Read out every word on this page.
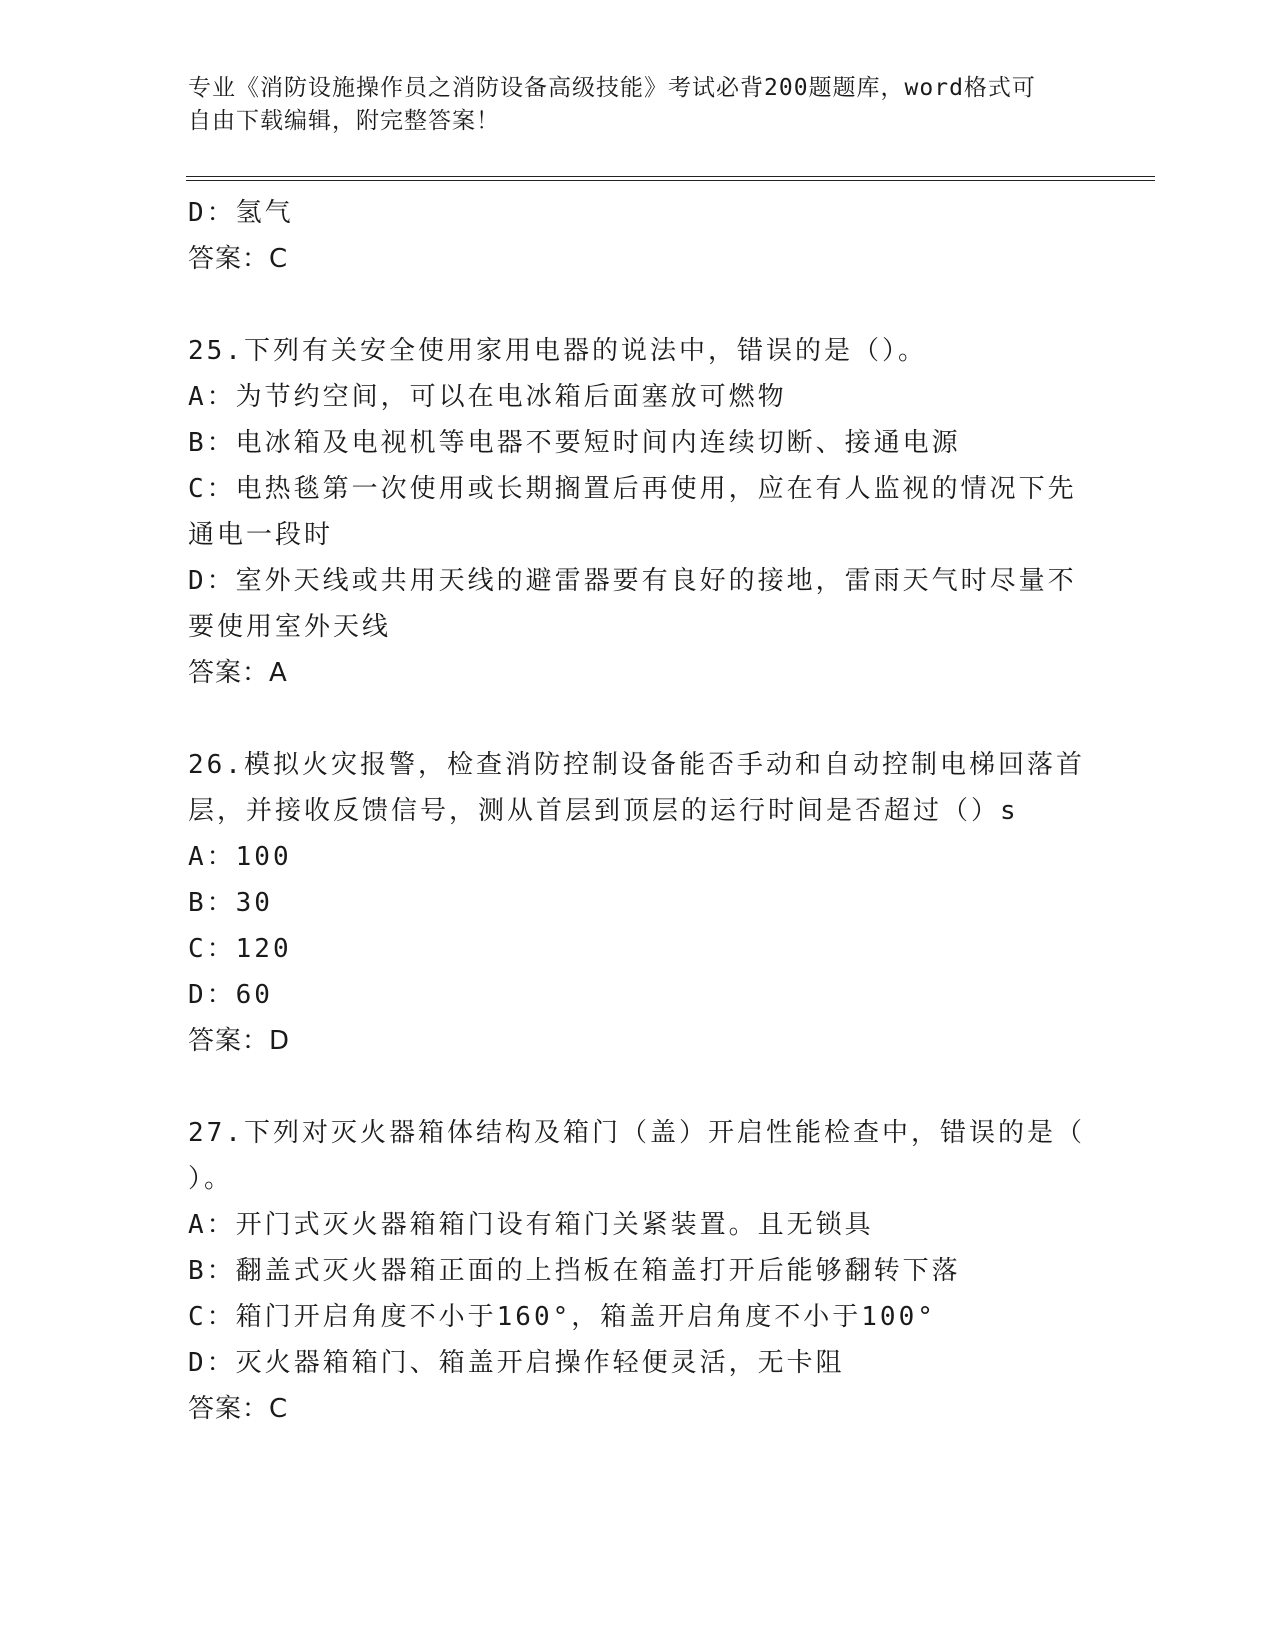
专业《消防设施操作员之消防设备高级技能》考试必背200题题库，word格式可
自由下载编辑，附完整答案！
D：氢气
答案：C
25.下列有关安全使用家用电器的说法中，错误的是（）。
A：为节约空间，可以在电冰箱后面塞放可燃物
B：电冰箱及电视机等电器不要短时间内连续切断、接通电源
C：电热毯第一次使用或长期搁置后再使用，应在有人监视的情况下先
通电一段时
D：室外天线或共用天线的避雷器要有良好的接地，雷雨天气时尽量不
要使用室外天线
答案：A
26.模拟火灾报警，检查消防控制设备能否手动和自动控制电梯回落首
层，并接收反馈信号，测从首层到顶层的运行时间是否超过（）s
A：100
B：30
C：120
D：60
答案：D
27.下列对灭火器箱体结构及箱门（盖）开启性能检查中，错误的是（
）。
A：开门式灭火器箱箱门设有箱门关紧装置。且无锁具
B：翻盖式灭火器箱正面的上挡板在箱盖打开后能够翻转下落
C：箱门开启角度不小于160°，箱盖开启角度不小于100°
D：灭火器箱箱门、箱盖开启操作轻便灵活，无卡阻
答案：C
